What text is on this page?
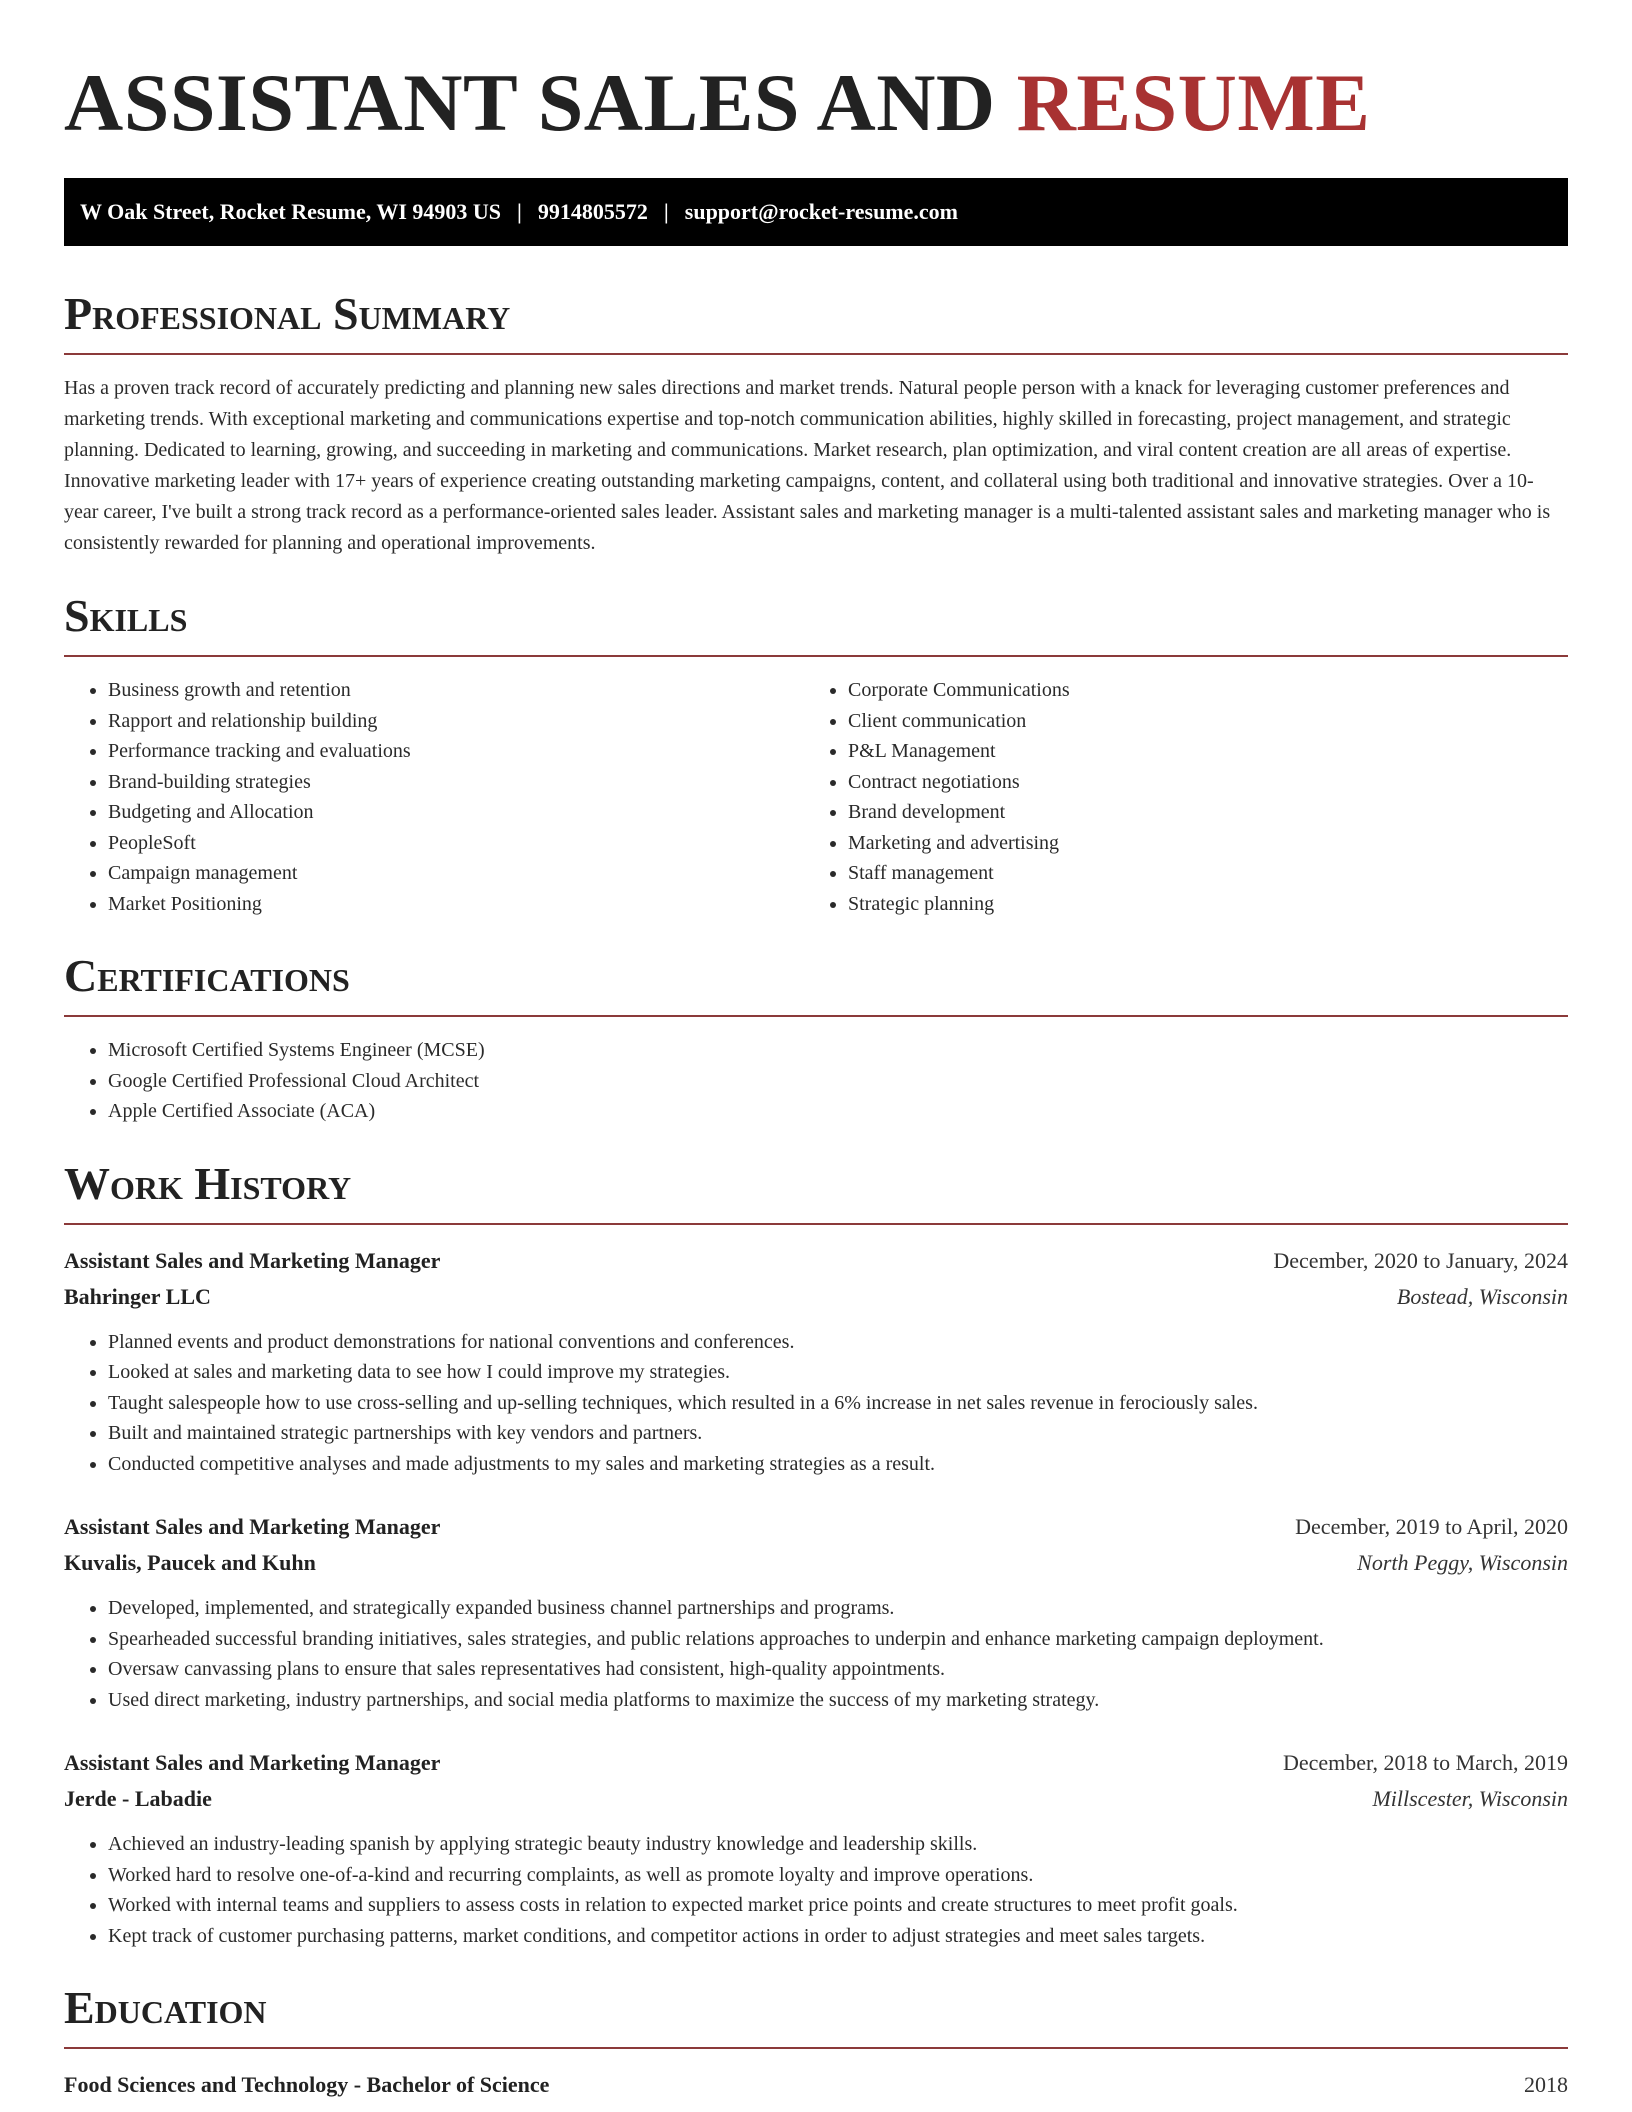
ASSISTANT SALES AND RESUME
W Oak Street, Rocket Resume, WI 94903 US | 9914805572 | support@rocket-resume.com
Professional Summary

Has a proven track record of accurately predicting and planning new sales directions and market trends. Natural people person with a knack for leveraging customer preferences and marketing trends. With exceptional marketing and communications expertise and top-notch communication abilities, highly skilled in forecasting, project management, and strategic planning. Dedicated to learning, growing, and succeeding in marketing and communications. Market research, plan optimization, and viral content creation are all areas of expertise. Innovative marketing leader with 17+ years of experience creating outstanding marketing campaigns, content, and collateral using both traditional and innovative strategies. Over a 10-year career, I've built a strong track record as a performance-oriented sales leader. Assistant sales and marketing manager is a multi-talented assistant sales and marketing manager who is consistently rewarded for planning and operational improvements.

Skills
• Business growth and retention
• Rapport and relationship building
• Performance tracking and evaluations
• Brand-building strategies
• Budgeting and Allocation
• PeopleSoft
• Campaign management
• Market Positioning
• Corporate Communications
• Client communication
• P&L Management
• Contract negotiations
• Brand development
• Marketing and advertising
• Staff management
• Strategic planning
Certifications
• Microsoft Certified Systems Engineer (MCSE)
• Google Certified Professional Cloud Architect
• Apple Certified Associate (ACA)
Work History
Assistant Sales and Marketing Manager	December, 2020 to January, 2024
Bahringer LLC	Bostead, Wisconsin
• Planned events and product demonstrations for national conventions and conferences.
• Looked at sales and marketing data to see how I could improve my strategies.
• Taught salespeople how to use cross-selling and up-selling techniques, which resulted in a 6% increase in net sales revenue in ferociously sales.
• Built and maintained strategic partnerships with key vendors and partners.
• Conducted competitive analyses and made adjustments to my sales and marketing strategies as a result.
Assistant Sales and Marketing Manager	December, 2019 to April, 2020
Kuvalis, Paucek and Kuhn	North Peggy, Wisconsin
• Developed, implemented, and strategically expanded business channel partnerships and programs.
• Spearheaded successful branding initiatives, sales strategies, and public relations approaches to underpin and enhance marketing campaign deployment.
• Oversaw canvassing plans to ensure that sales representatives had consistent, high-quality appointments.
• Used direct marketing, industry partnerships, and social media platforms to maximize the success of my marketing strategy.
Assistant Sales and Marketing Manager	December, 2018 to March, 2019
Jerde - Labadie	Millscester, Wisconsin
• Achieved an industry-leading spanish by applying strategic beauty industry knowledge and leadership skills.
• Worked hard to resolve one-of-a-kind and recurring complaints, as well as promote loyalty and improve operations.
• Worked with internal teams and suppliers to assess costs in relation to expected market price points and create structures to meet profit goals.
• Kept track of customer purchasing patterns, market conditions, and competitor actions in order to adjust strategies and meet sales targets.
Education
Food Sciences and Technology - Bachelor of Science	2018
